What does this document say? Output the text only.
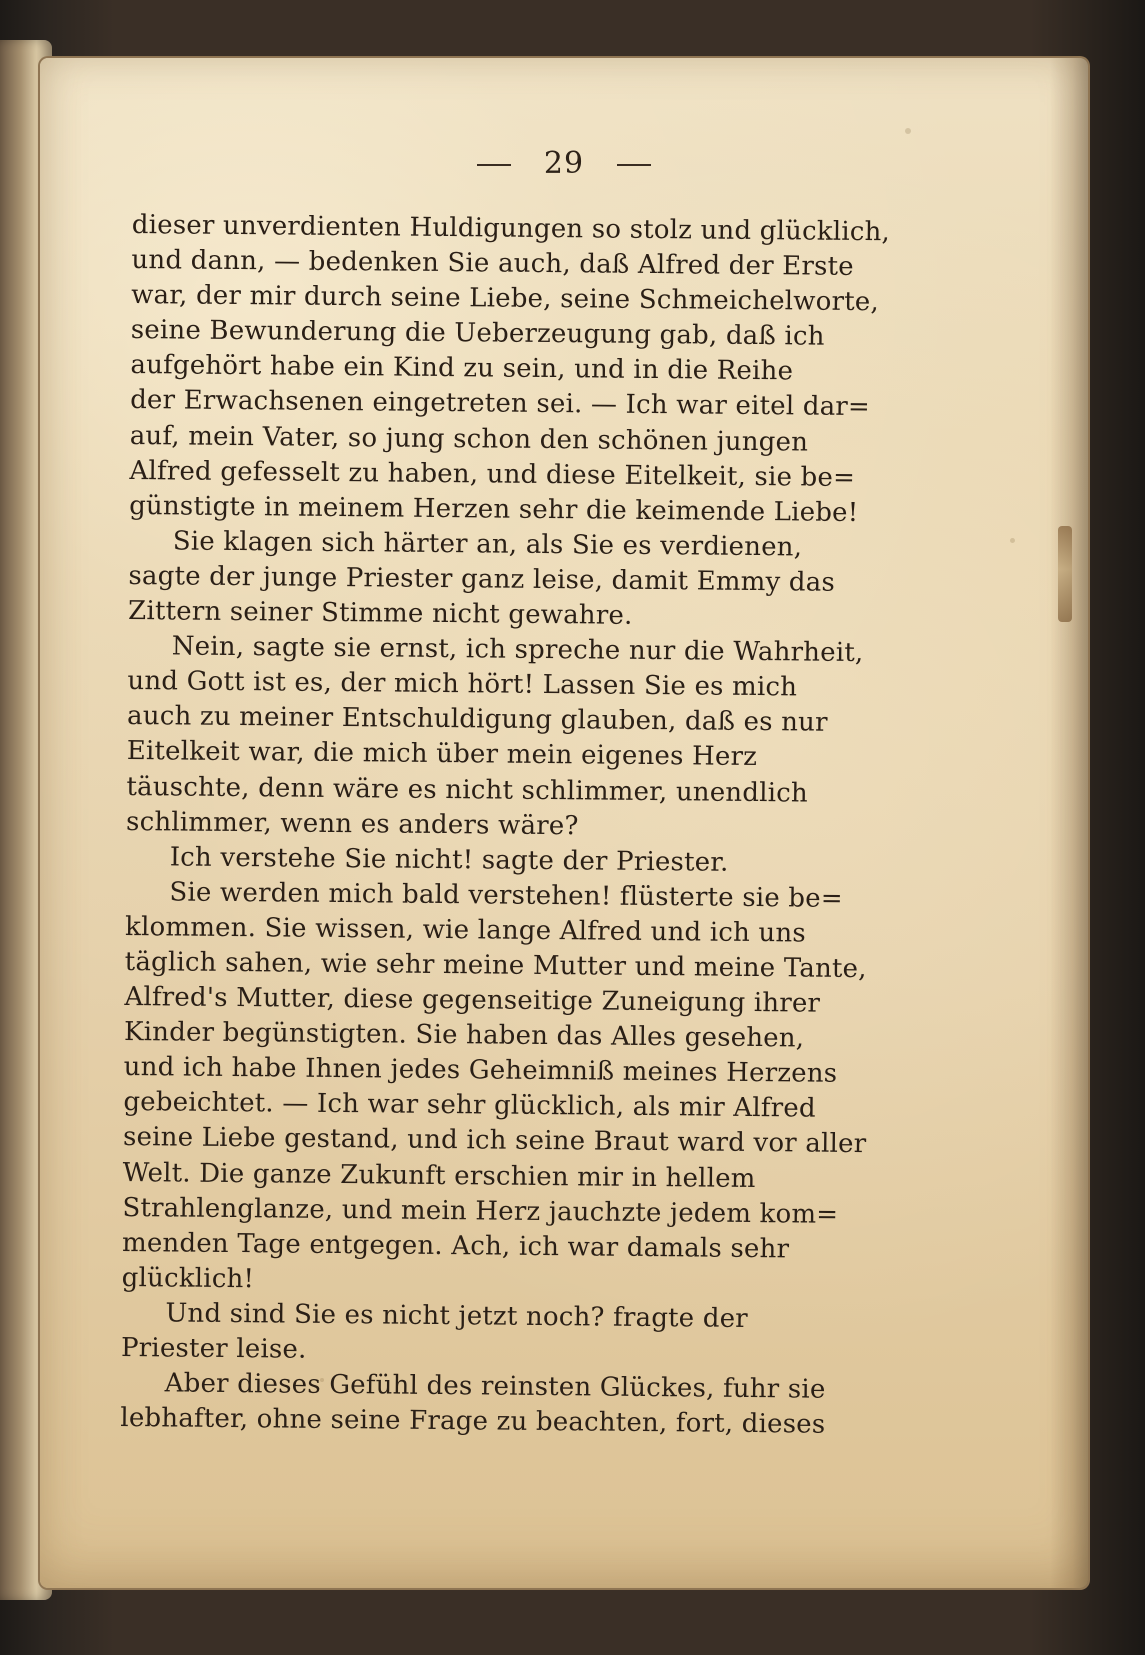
29
dieser unverdienten Huldigungen so stolz und glücklich,
und dann, — bedenken Sie auch, daß Alfred der Erste
war, der mir durch seine Liebe, seine Schmeichelworte,
seine Bewunderung die Ueberzeugung gab, daß ich
aufgehört habe ein Kind zu sein, und in die Reihe
der Erwachsenen eingetreten sei. — Ich war eitel dar=
auf, mein Vater, so jung schon den schönen jungen
Alfred gefesselt zu haben, und diese Eitelkeit, sie be=
günstigte in meinem Herzen sehr die keimende Liebe!
Sie klagen sich härter an, als Sie es verdienen,
sagte der junge Priester ganz leise, damit Emmy das
Zittern seiner Stimme nicht gewahre.
Nein, sagte sie ernst, ich spreche nur die Wahrheit,
und Gott ist es, der mich hört! Lassen Sie es mich
auch zu meiner Entschuldigung glauben, daß es nur
Eitelkeit war, die mich über mein eigenes Herz
täuschte, denn wäre es nicht schlimmer, unendlich
schlimmer, wenn es anders wäre?
Ich verstehe Sie nicht! sagte der Priester.
Sie werden mich bald verstehen! flüsterte sie be=
klommen. Sie wissen, wie lange Alfred und ich uns
täglich sahen, wie sehr meine Mutter und meine Tante,
Alfred's Mutter, diese gegenseitige Zuneigung ihrer
Kinder begünstigten. Sie haben das Alles gesehen,
und ich habe Ihnen jedes Geheimniß meines Herzens
gebeichtet. — Ich war sehr glücklich, als mir Alfred
seine Liebe gestand, und ich seine Braut ward vor aller
Welt. Die ganze Zukunft erschien mir in hellem
Strahlenglanze, und mein Herz jauchzte jedem kom=
menden Tage entgegen. Ach, ich war damals sehr
glücklich!
Und sind Sie es nicht jetzt noch? fragte der
Priester leise.
Aber dieses Gefühl des reinsten Glückes, fuhr sie
lebhafter, ohne seine Frage zu beachten, fort, dieses
